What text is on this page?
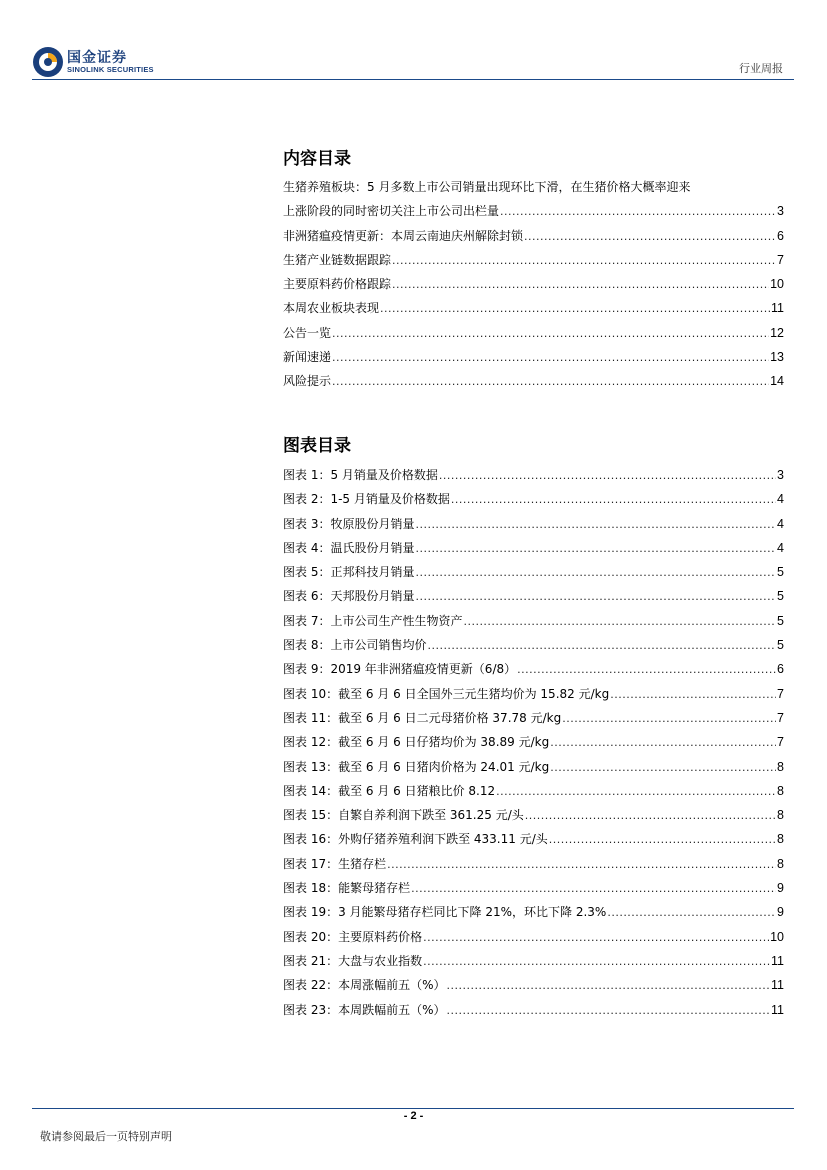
国金证券
SINOLINK SECURITIES	行业周报
内容目录
生猪养殖板块：5 月多数上市公司销量出现环比下滑，在生猪价格大概率迎来
上涨阶段的同时密切关注上市公司出栏量 .....	3
非洲猪瘟疫情更新：本周云南迪庆州解除封锁 .....	6
生猪产业链数据跟踪 .....	7
主要原料药价格跟踪 .....	10
本周农业板块表现 .....	11
公告一览 .....	12
新闻速递 .....	13
风险提示 .....	14
图表目录
图表 1：5 月销量及价格数据 .....	3
图表 2：1-5 月销量及价格数据 .....	4
图表 3：牧原股份月销量 .....	4
图表 4：温氏股份月销量 .....	4
图表 5：正邦科技月销量 .....	5
图表 6：天邦股份月销量 .....	5
图表 7：上市公司生产性生物资产 .....	5
图表 8：上市公司销售均价 .....	5
图表 9：2019 年非洲猪瘟疫情更新（6/8） .....	6
图表 10：截至 6 月 6 日全国外三元生猪均价为 15.82 元/kg .....	7
图表 11：截至 6 月 6 日二元母猪价格 37.78 元/kg .....	7
图表 12：截至 6 月 6 日仔猪均价为 38.89 元/kg .....	7
图表 13：截至 6 月 6 日猪肉价格为 24.01 元/kg .....	8
图表 14：截至 6 月 6 日猪粮比价 8.12 .....	8
图表 15：自繁自养利润下跌至 361.25 元/头 .....	8
图表 16：外购仔猪养殖利润下跌至 433.11 元/头 .....	8
图表 17：生猪存栏 .....	8
图表 18：能繁母猪存栏 .....	9
图表 19：3 月能繁母猪存栏同比下降 21%，环比下降 2.3% .....	9
图表 20：主要原料药价格 .....	10
图表 21：大盘与农业指数 .....	11
图表 22：本周涨幅前五（%） .....	11
图表 23：本周跌幅前五（%） .....	11
- 2 -
敬请参阅最后一页特别声明
